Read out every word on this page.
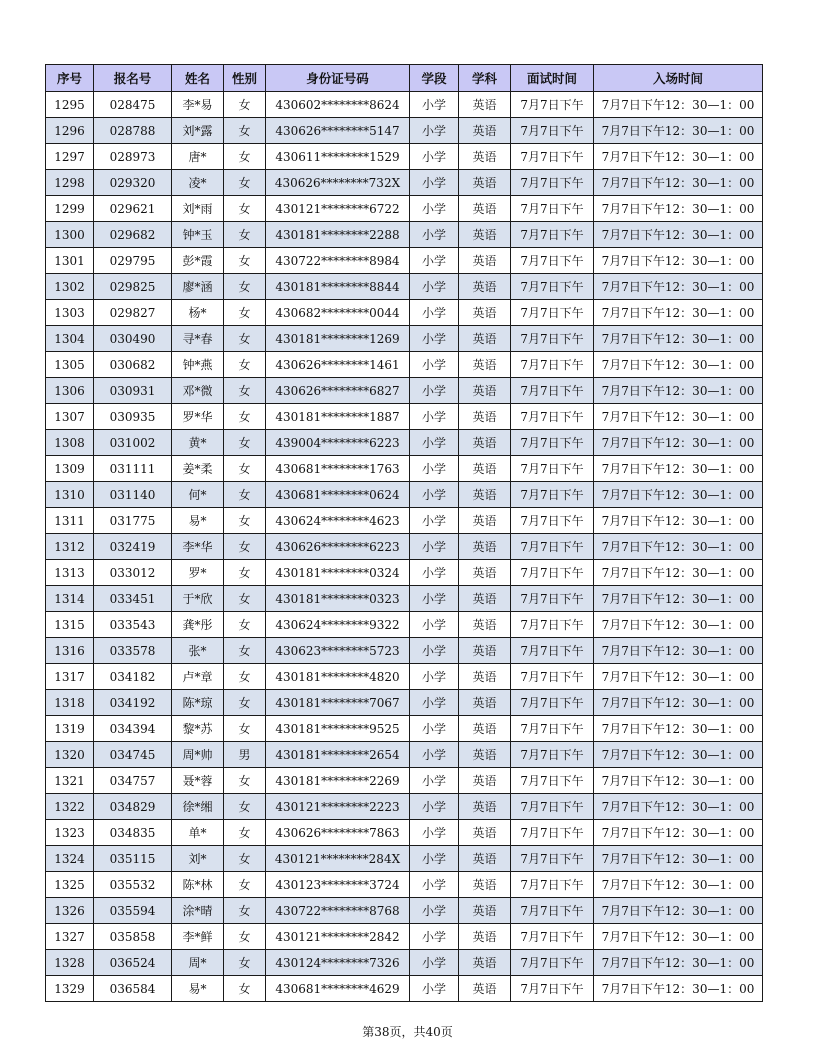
序号	报名号	姓名	性别	身份证号码	学段	学科	面试时间	入场时间
1295	028475	李*易	女	430602********8624	小学	英语	7月7日下午	7月7日下午12：30—1：00
1296	028788	刘*露	女	430626********5147	小学	英语	7月7日下午	7月7日下午12：30—1：00
1297	028973	唐*	女	430611********1529	小学	英语	7月7日下午	7月7日下午12：30—1：00
1298	029320	凌*	女	430626********732X	小学	英语	7月7日下午	7月7日下午12：30—1：00
1299	029621	刘*雨	女	430121********6722	小学	英语	7月7日下午	7月7日下午12：30—1：00
1300	029682	钟*玉	女	430181********2288	小学	英语	7月7日下午	7月7日下午12：30—1：00
1301	029795	彭*霞	女	430722********8984	小学	英语	7月7日下午	7月7日下午12：30—1：00
1302	029825	廖*涵	女	430181********8844	小学	英语	7月7日下午	7月7日下午12：30—1：00
1303	029827	杨*	女	430682********0044	小学	英语	7月7日下午	7月7日下午12：30—1：00
1304	030490	寻*春	女	430181********1269	小学	英语	7月7日下午	7月7日下午12：30—1：00
1305	030682	钟*燕	女	430626********1461	小学	英语	7月7日下午	7月7日下午12：30—1：00
1306	030931	邓*微	女	430626********6827	小学	英语	7月7日下午	7月7日下午12：30—1：00
1307	030935	罗*华	女	430181********1887	小学	英语	7月7日下午	7月7日下午12：30—1：00
1308	031002	黄*	女	439004********6223	小学	英语	7月7日下午	7月7日下午12：30—1：00
1309	031111	姜*柔	女	430681********1763	小学	英语	7月7日下午	7月7日下午12：30—1：00
1310	031140	何*	女	430681********0624	小学	英语	7月7日下午	7月7日下午12：30—1：00
1311	031775	易*	女	430624********4623	小学	英语	7月7日下午	7月7日下午12：30—1：00
1312	032419	李*华	女	430626********6223	小学	英语	7月7日下午	7月7日下午12：30—1：00
1313	033012	罗*	女	430181********0324	小学	英语	7月7日下午	7月7日下午12：30—1：00
1314	033451	于*欣	女	430181********0323	小学	英语	7月7日下午	7月7日下午12：30—1：00
1315	033543	龚*彤	女	430624********9322	小学	英语	7月7日下午	7月7日下午12：30—1：00
1316	033578	张*	女	430623********5723	小学	英语	7月7日下午	7月7日下午12：30—1：00
1317	034182	卢*章	女	430181********4820	小学	英语	7月7日下午	7月7日下午12：30—1：00
1318	034192	陈*琼	女	430181********7067	小学	英语	7月7日下午	7月7日下午12：30—1：00
1319	034394	黎*苏	女	430181********9525	小学	英语	7月7日下午	7月7日下午12：30—1：00
1320	034745	周*帅	男	430181********2654	小学	英语	7月7日下午	7月7日下午12：30—1：00
1321	034757	聂*蓉	女	430181********2269	小学	英语	7月7日下午	7月7日下午12：30—1：00
1322	034829	徐*缃	女	430121********2223	小学	英语	7月7日下午	7月7日下午12：30—1：00
1323	034835	单*	女	430626********7863	小学	英语	7月7日下午	7月7日下午12：30—1：00
1324	035115	刘*	女	430121********284X	小学	英语	7月7日下午	7月7日下午12：30—1：00
1325	035532	陈*林	女	430123********3724	小学	英语	7月7日下午	7月7日下午12：30—1：00
1326	035594	涂*晴	女	430722********8768	小学	英语	7月7日下午	7月7日下午12：30—1：00
1327	035858	李*鲜	女	430121********2842	小学	英语	7月7日下午	7月7日下午12：30—1：00
1328	036524	周*	女	430124********7326	小学	英语	7月7日下午	7月7日下午12：30—1：00
1329	036584	易*	女	430681********4629	小学	英语	7月7日下午	7月7日下午12：30—1：00
第38页，共40页
